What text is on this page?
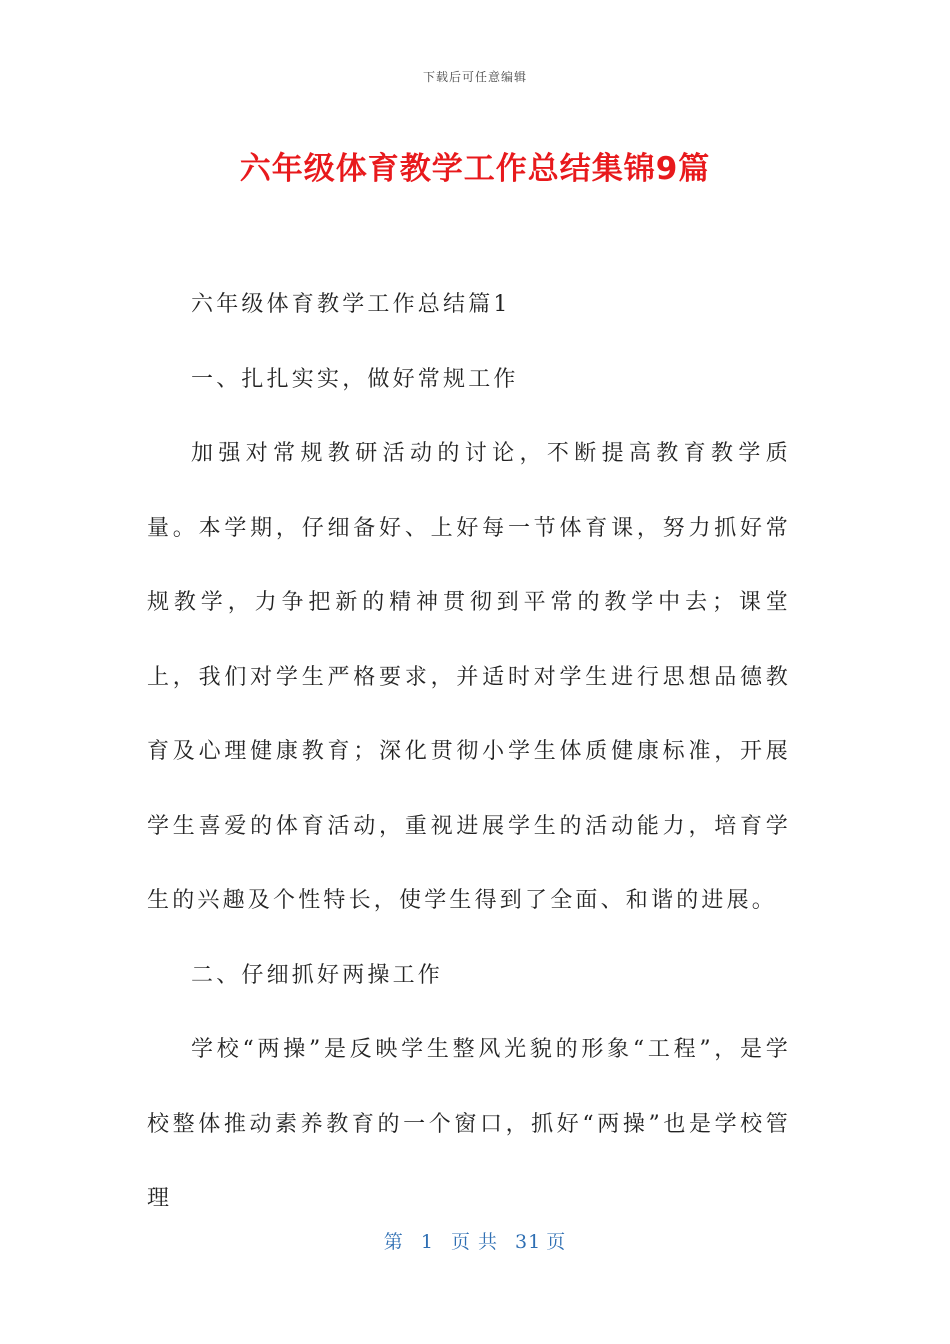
下载后可任意编辑
六年级体育教学工作总结集锦9篇

六年级体育教学工作总结篇1

一、扎扎实实，做好常规工作

加强对常规教研活动的讨论，不断提高教育教学质量。本学期，仔细备好、上好每一节体育课，努力抓好常规教学，力争把新的精神贯彻到平常的教学中去；课堂上，我们对学生严格要求，并适时对学生进行思想品德教育及心理健康教育；深化贯彻小学生体质健康标准，开展学生喜爱的体育活动，重视进展学生的活动能力，培育学生的兴趣及个性特长，使学生得到了全面、和谐的进展。

二、仔细抓好两操工作

学校“两操”是反映学生整风光貌的形象“工程”，是学校整体推动素养教育的一个窗口，抓好“两操”也是学校管理

第 1 页 共 31 页
